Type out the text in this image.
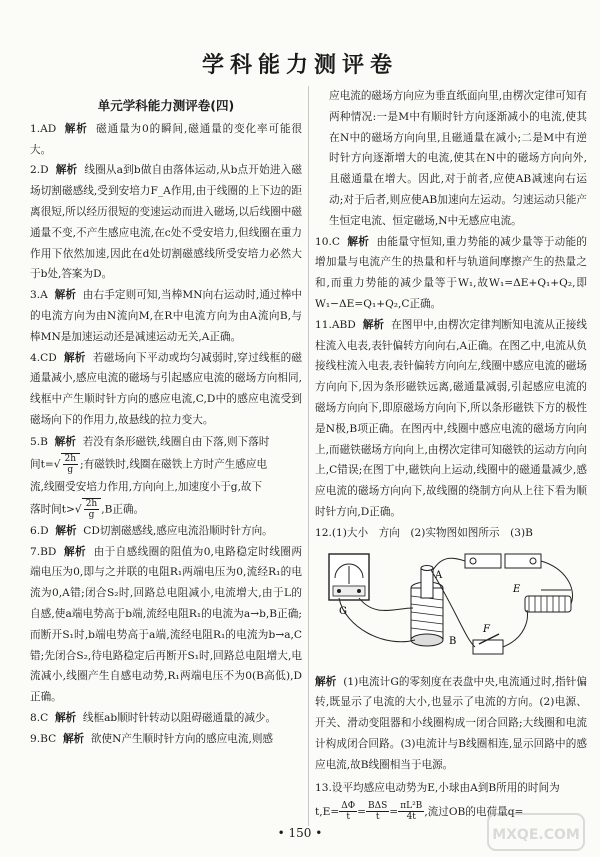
学科能力测评卷
单元学科能力测评卷(四)
1.AD 解析 磁通量为0的瞬间,磁通量的变化率可能很大。
2.D 解析 线圈从a到b做自由落体运动,从b点开始进入磁场切割磁感线,受到安培力F_A作用,由于线圈的上下边的距离很短,所以经历很短的变速运动而进入磁场,以后线圈中磁通量不变,不产生感应电流,在c处不受安培力,但线圈在重力作用下依然加速,因此在d处切割磁感线所受安培力必然大于b处,答案为D。
3.A 解析 由右手定则可知,当棒MN向右运动时,通过棒中的电流方向为由N流向M,在R中电流方向为由A流向B,与棒MN是加速运动还是减速运动无关,A正确。
4.CD 解析 若磁场向下平动或均匀减弱时,穿过线框的磁通量减小,感应电流的磁场与引起感应电流的磁场方向相同,线框中产生顺时针方向的感应电流,C,D中的感应电流受到磁场向下的作用力,故悬线的拉力变大。
5.B 解析 若没有条形磁铁,线圈自由下落,则下落时
间$t=√ \frac{2h}{g}$ ;有磁铁时,线圈在磁铁上方时产生感应电
流,线圈受安培力作用,方向向上,加速度小于g,故下
落时间$t>√ \frac{2h}{g} ,B$正确。
6.D 解析 CD切割磁感线,感应电流沿顺时针方向。
7.BD 解析 由于自感线圈的阻值为0,电路稳定时线圈两端电压为0,即与之并联的电阻R₁两端电压为0,流经R₁的电流为0,A错;闭合S₂时,回路总电阻减小,电流增大,由于L的自感,使a端电势高于b端,流经电阻R₁的电流为a→b,B正确;而断开S₁时,b端电势高于a端,流经电阻R₁的电流为b→a,C错;先闭合S₂,待电路稳定后再断开S₁时,回路总电阻增大,电流减小,线圈产生自感电动势,R₁两端电压不为0(B高低),D正确。
8.C 解析 线框ab顺时针转动以阻碍磁通量的减少。
9.BC 解析 欲使N产生顺时针方向的感应电流,则感
应电流的磁场方向应为垂直纸面向里,由楞次定律可知有两种情况:一是M中有顺时针方向逐渐减小的电流,使其在N中的磁场方向向里,且磁通量在减小;二是M中有逆时针方向逐渐增大的电流,使其在N中的磁场方向向外,且磁通量在增大。因此,对于前者,应使AB减速向右运动;对于后者,则应使AB加速向左运动。匀速运动只能产生恒定电流、恒定磁场,N中无感应电流。
10.C 解析 由能量守恒知,重力势能的减少量等于动能的增加量与电流产生的热量和杆与轨道间摩擦产生的热量之和,而重力势能的减少量等于W₁,故W₁=ΔE+Q₁+Q₂,即W₁−ΔE=Q₁+Q₂,C正确。
11.ABD 解析 在图甲中,由楞次定律判断知电流从正接线柱流入电表,表针偏转方向向右,A正确。在图乙中,电流从负接线柱流入电表,表针偏转方向向左,线圈中感应电流的磁场方向向下,因为条形磁铁远离,磁通量减弱,引起感应电流的磁场方向向下,即原磁场方向向下,所以条形磁铁下方的极性是N极,B项正确。在图丙中,线圈中感应电流的磁场方向向上,而磁铁磁场方向向上,由楞次定律可知磁铁的运动方向向上,C错误;在图丁中,磁铁向上运动,线圈中的磁通量减少,感应电流的磁场方向向下,故线圈的绕制方向从上往下看为顺时针方向,D正确。
12.(1)大小　方向　(2)实物图如图所示　(3)B
G
A
B
E
F
解析 (1)电流计G的零刻度在表盘中央,电流通过时,指针偏转,既显示了电流的大小,也显示了电流的方向。(2)电源、开关、滑动变阻器和小线圈构成一闭合回路;大线圈和电流计构成闭合回路。(3)电流计与B线圈相连,显示回路中的感应电流,故B线圈相当于电源。
13.设平均感应电动势为E,小球由A到B所用的时间为
$t,E= \frac{\Delta\Phi}{t} = \frac{\text{BΔS}}{t} = \frac{\text{πL²B}}{4t}$ ,流过OB的电荷量q=
• 150 •	MXQE.COM
